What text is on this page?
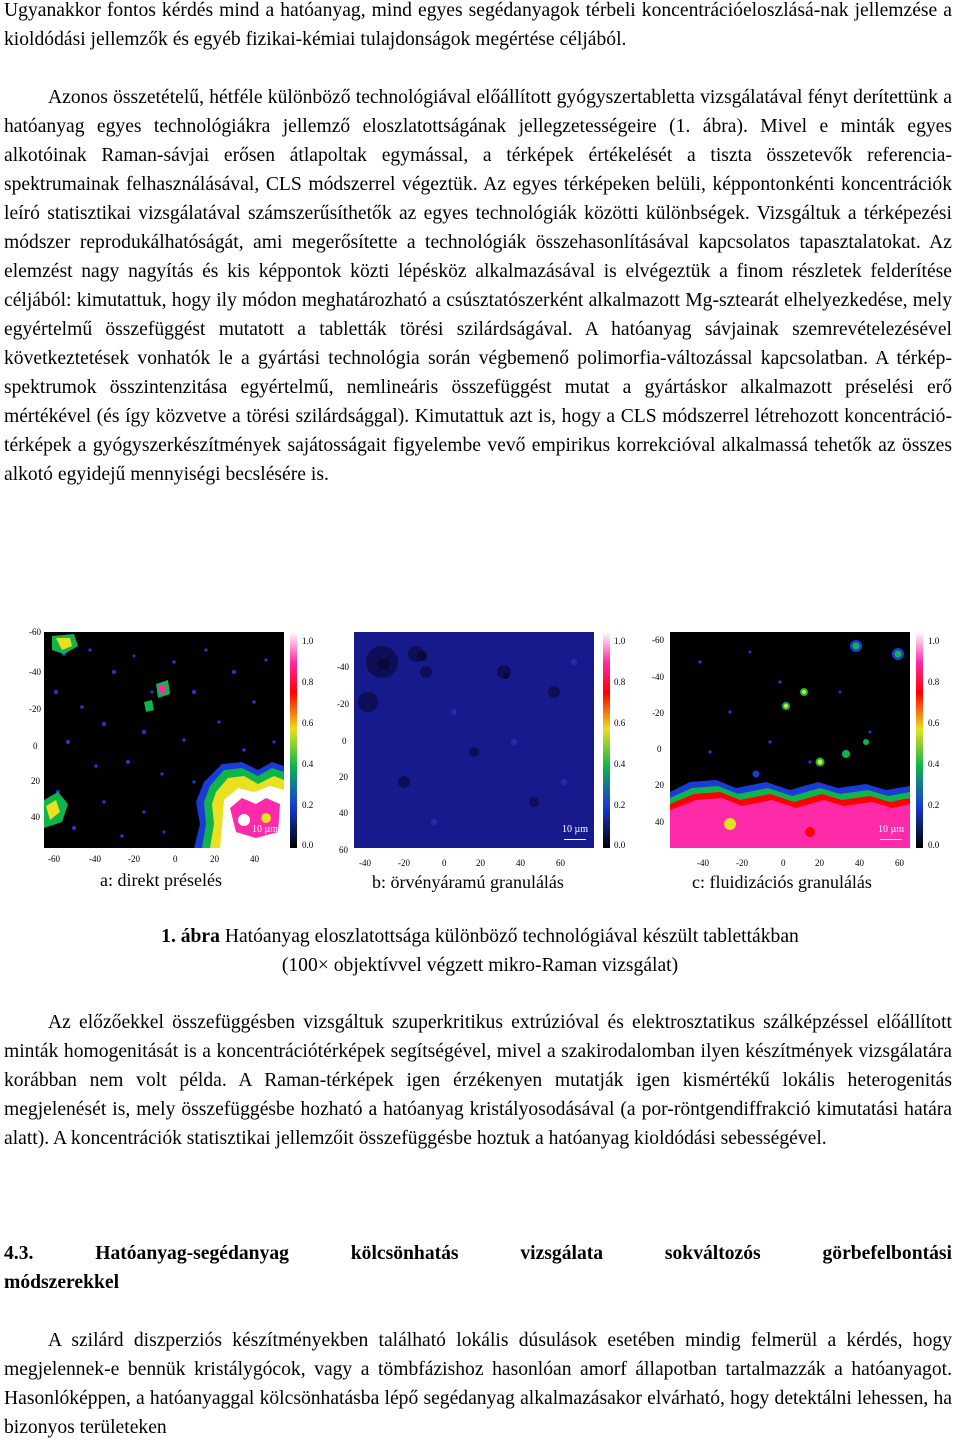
Ugyanakkor fontos kérdés mind a hatóanyag, mind egyes segédanyagok térbeli koncentrációeloszlásá-nak jellemzése a kioldódási jellemzők és egyéb fizikai-kémiai tulajdonságok megértése céljából.

Azonos összetételű, hétféle különböző technológiával előállított gyógyszertabletta vizsgálatával fényt derítettünk a hatóanyag egyes technológiákra jellemző eloszlatottságának jellegzetességeire (1. ábra). Mivel e minták egyes alkotóinak Raman-sávjai erősen átlapoltak egymással, a térképek értékelését a tiszta összetevők referencia-spektrumainak felhasználásával, CLS módszerrel végeztük. Az egyes térképeken belüli, képpontonkénti koncentrációk leíró statisztikai vizsgálatával számszerűsíthetők az egyes technológiák közötti különbségek. Vizsgáltuk a térképezési módszer reprodukálhatóságát, ami megerősítette a technológiák összehasonlításával kapcsolatos tapasztalatokat. Az elemzést nagy nagyítás és kis képpontok közti lépésköz alkalmazásával is elvégeztük a finom részletek felderítése céljából: kimutattuk, hogy ily módon meghatározható a csúsztatószerként alkalmazott Mg-sztearát elhelyezkedése, mely egyértelmű összefüggést mutatott a tabletták törési szilárdságával. A hatóanyag sávjainak szemrevételezésével következtetések vonhatók le a gyártási technológia során végbemenő polimorfia-változással kapcsolatban. A térkép-spektrumok összintenzitása egyértelmű, nemlineáris összefüggést mutat a gyártáskor alkalmazott préselési erő mértékével (és így közvetve a törési szilárdsággal). Kimutattuk azt is, hogy a CLS módszerrel létrehozott koncentráció-térképek a gyógyszerkészítmények sajátosságait figyelembe vevő empirikus korrekcióval alkalmassá tehetők az összes alkotó egyidejű mennyiségi becslésére is.

-60
-40
-20
0
20
40
10 µm
1.0
0.8
0.6
0.4
0.2
0.0
-60	-40	-20	0	20	40
a: direkt préselés
-40
-20
0
20
40
60
10 µm
1.0
0.8
0.6
0.4
0.2
0.0
-40	-20	0	20	40	60
b: örvényáramú granulálás
-60
-40
-20
0
20
40
10 µm
1.0
0.8
0.6
0.4
0.2
0.0
-40	-20	0	20	40	60
c: fluidizációs granulálás
1. ábra Hatóanyag eloszlatottsága különböző technológiával készült tablettákban
(100× objektívvel végzett mikro-Raman vizsgálat)

Az előzőekkel összefüggésben vizsgáltuk szuperkritikus extrúzióval és elektrosztatikus szálképzéssel előállított minták homogenitását is a koncentrációtérképek segítségével, mivel a szakirodalomban ilyen készítmények vizsgálatára korábban nem volt példa. A Raman-térképek igen érzékenyen mutatják igen kismértékű lokális heterogenitás megjelenését is, mely összefüggésbe hozható a hatóanyag kristályosodásával (a por-röntgendiffrakció kimutatási határa alatt). A koncentrációk statisztikai jellemzőit összefüggésbe hoztuk a hatóanyag kioldódási sebességével.

4.3.	Hatóanyag-segédanyag kölcsönhatás vizsgálata sokváltozós görbefelbontási
módszerekkel

A szilárd diszperziós készítményekben található lokális dúsulások esetében mindig felmerül a kérdés, hogy megjelennek-e bennük kristálygócok, vagy a tömbfázishoz hasonlóan amorf állapotban tartalmazzák a hatóanyagot. Hasonlóképpen, a hatóanyaggal kölcsönhatásba lépő segédanyag alkalmazásakor elvárható, hogy detektálni lehessen, ha bizonyos területeken
